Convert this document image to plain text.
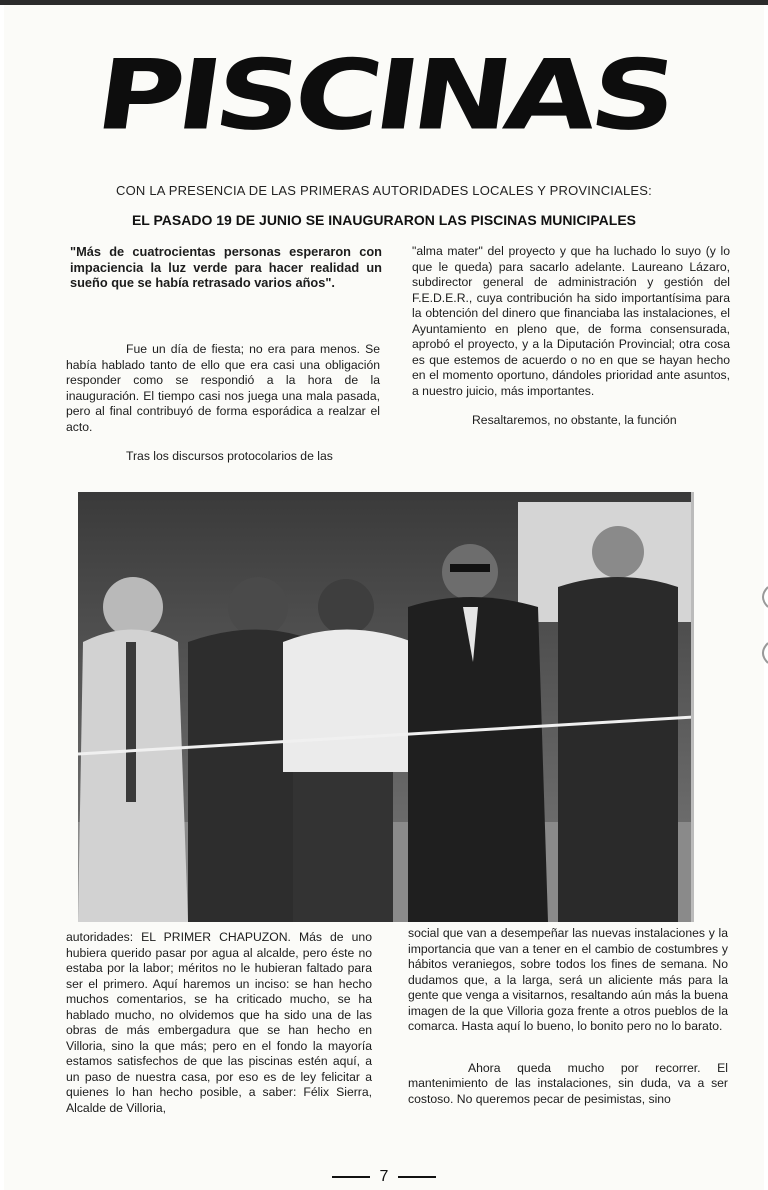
PISCINAS
CON LA PRESENCIA DE LAS PRIMERAS AUTORIDADES LOCALES Y PROVINCIALES:
EL PASADO 19 DE JUNIO SE INAUGURARON LAS PISCINAS MUNICIPALES

"Más de cuatrocientas personas esperaron con impaciencia la luz verde para hacer realidad un sueño que se había retrasado varios años".

Fue un día de fiesta; no era para menos. Se había hablado tanto de ello que era casi una obligación responder como se respondió a la hora de la inauguración. El tiempo casi nos juega una mala pasada, pero al final contribuyó de forma esporádica a realzar el acto.

Tras los discursos protocolarios de las

"alma mater" del proyecto y que ha luchado lo suyo (y lo que le queda) para sacarlo adelante. Laureano Lázaro, subdirector general de administración y gestión del F.E.D.E.R., cuya contribución ha sido importantísima para la obtención del dinero que financiaba las instalaciones, el Ayuntamiento en pleno que, de forma consensurada, aprobó el proyecto, y a la Diputación Provincial; otra cosa es que estemos de acuerdo o no en que se hayan hecho en el momento oportuno, dándoles prioridad ante asuntos, a nuestro juicio, más importantes.

Resaltaremos, no obstante, la función

autoridades: EL PRIMER CHAPUZON. Más de uno hubiera querido pasar por agua al alcalde, pero éste no estaba por la labor; méritos no le hubieran faltado para ser el primero. Aquí haremos un inciso: se han hecho muchos comentarios, se ha criticado mucho, se ha hablado mucho, no olvidemos que ha sido una de las obras de más embergadura que se han hecho en Villoria, sino la que más; pero en el fondo la mayoría estamos satisfechos de que las piscinas estén aquí, a un paso de nuestra casa, por eso es de ley felicitar a quienes lo han hecho posible, a saber: Félix Sierra, Alcalde de Villoria,

social que van a desempeñar las nuevas instalaciones y la importancia que van a tener en el cambio de costumbres y hábitos veraniegos, sobre todos los fines de semana. No dudamos que, a la larga, será un aliciente más para la gente que venga a visitarnos, resaltando aún más la buena imagen de la que Villoria goza frente a otros pueblos de la comarca. Hasta aquí lo bueno, lo bonito pero no lo barato.

Ahora queda mucho por recorrer. El mantenimiento de las instalaciones, sin duda, va a ser costoso. No queremos pecar de pesimistas, sino

7
